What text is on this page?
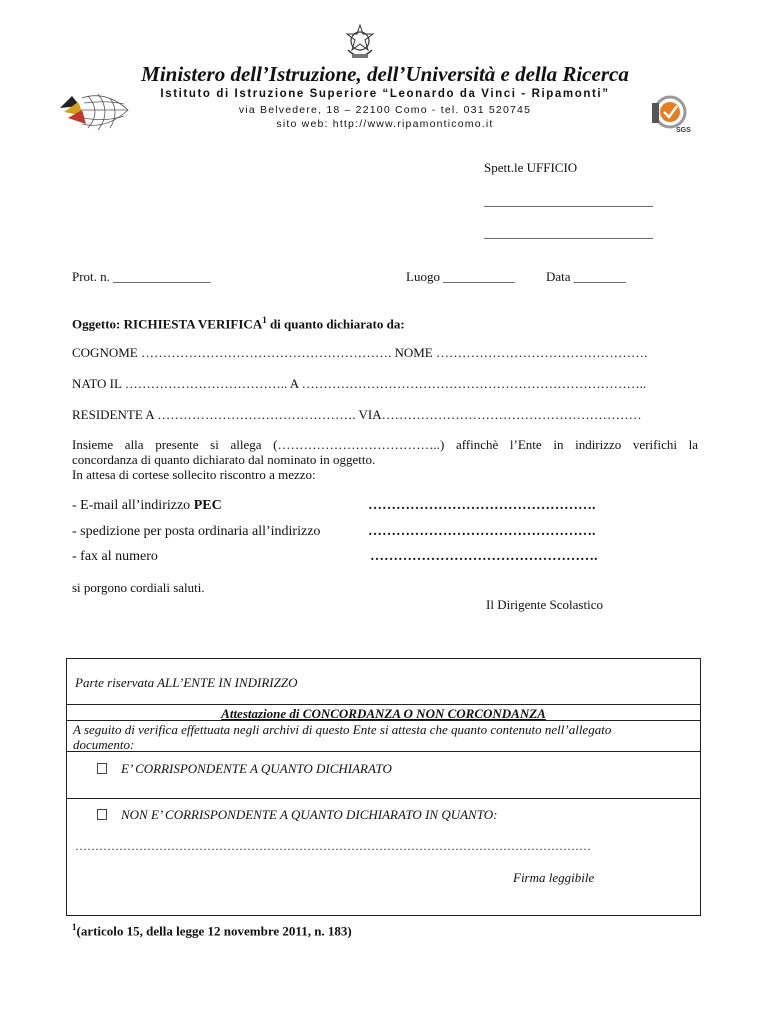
Ministero dell’Istruzione, dell’Università e della Ricerca
Istituto di Istruzione Superiore “Leonardo da Vinci - Ripamonti”
via Belvedere, 18 – 22100 Como - tel. 031 520745
sito web: http://www.ripamonticomo.it
SGS
Spett.le UFFICIO
__________________________
__________________________
Prot. n. _______________	Luogo ___________ Data ________
Oggetto: RICHIESTA VERIFICA$^1$ di quanto dichiarato da:
COGNOME …………………………………………………. NOME ………………………………………….
NATO IL ……………………………….. A ……………………………………………………………………..
RESIDENTE A ………………………………………. VIA……………………………………………………
Insieme alla presente si allega (………………………………..) affinchè l’Ente in indirizzo verifichi la
concordanza di quanto dichiarato dal nominato in oggetto.
In attesa di cortese sollecito riscontro a mezzo:
- E-mail all’indirizzo PEC	………………………………………….
- spedizione per posta ordinaria all’indirizzo	………………………………………….
- fax al numero	………………………………………….
si porgono cordiali saluti.
Il Dirigente Scolastico
Parte riservata ALL’ENTE IN INDIRIZZO
Attestazione di CONCORDANZA O NON CORCONDANZA
A seguito di verifica effettuata negli archivi di questo Ente si attesta che quanto contenuto nell’allegato
documento:
E’ CORRISPONDENTE A QUANTO DICHIARATO
NON E’ CORRISPONDENTE A QUANTO DICHIARATO IN QUANTO:
…………………………………………………………………………………………………………………
Firma leggibile
$^1$(articolo 15, della legge 12 novembre 2011, n. 183)
